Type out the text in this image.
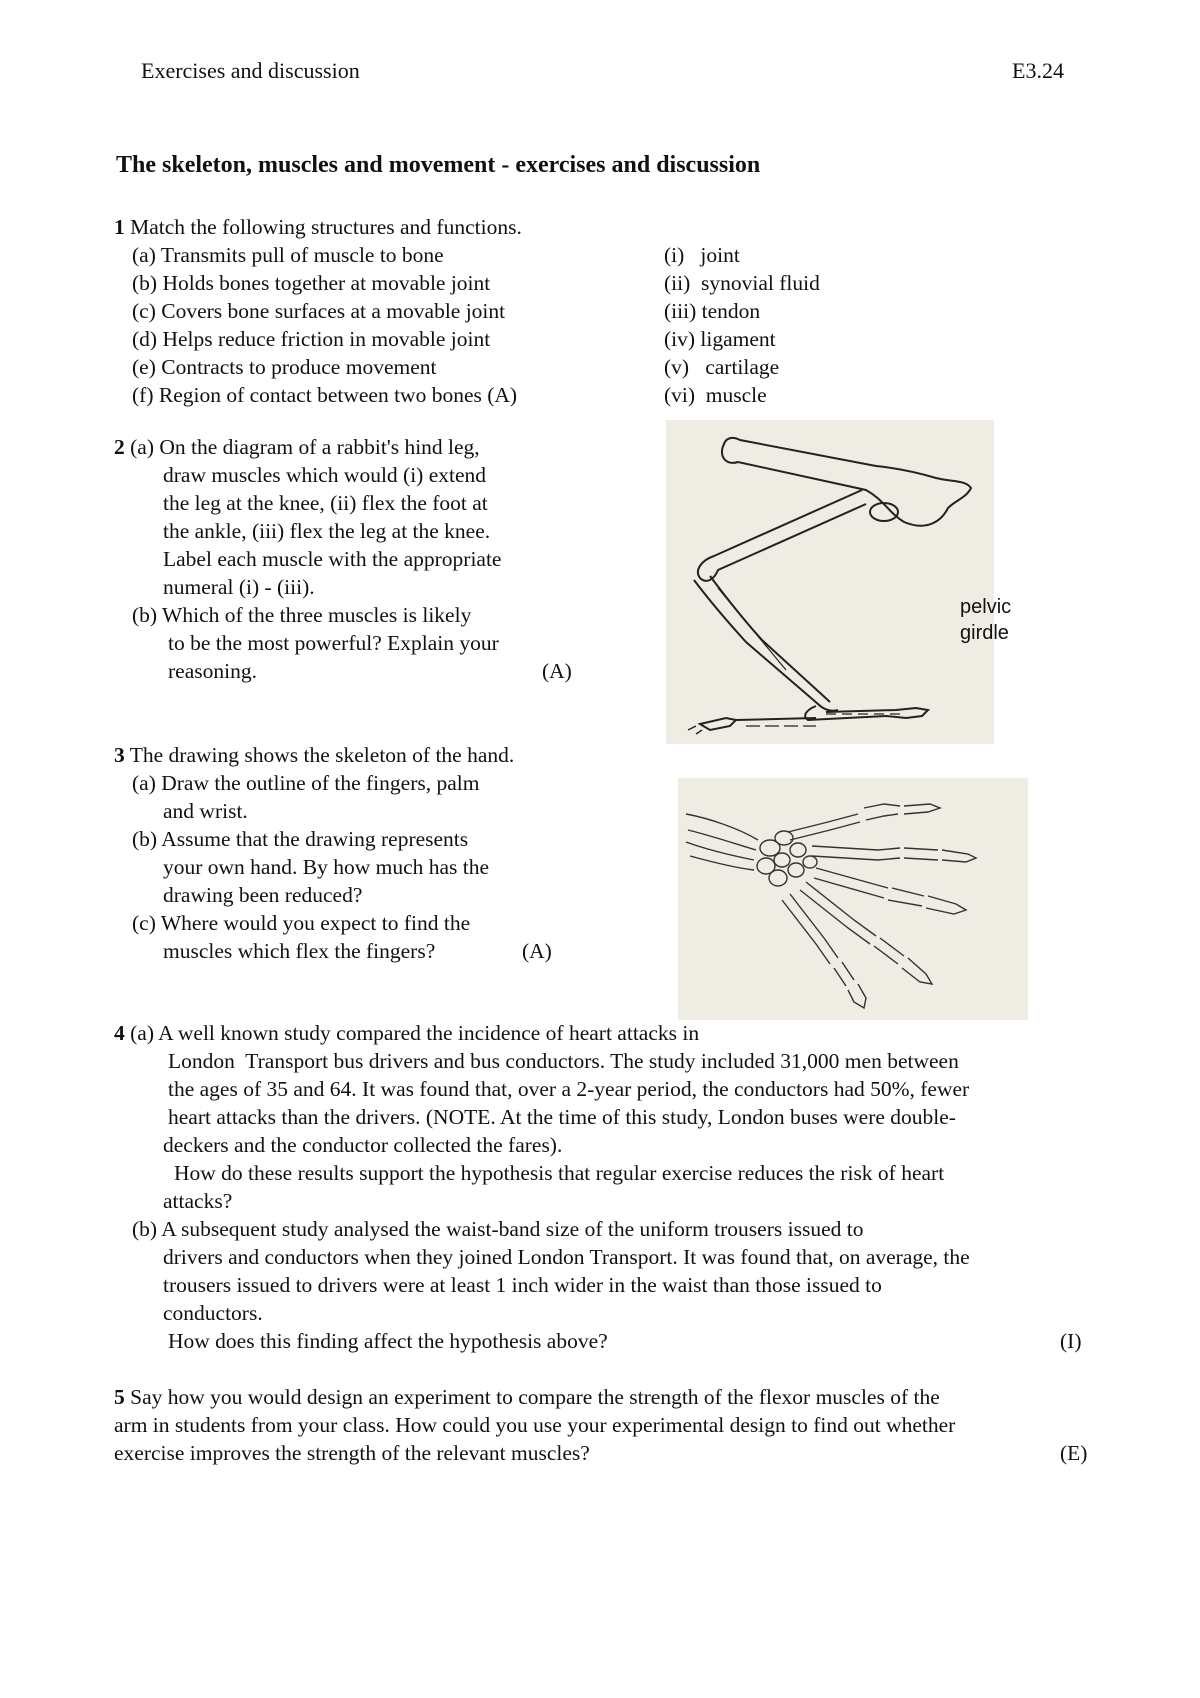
Exercises and discussion	E3.24
The skeleton, muscles and movement - exercises and discussion
1 Match the following structures and functions.
(a) Transmits pull of muscle to bone
(b) Holds bones together at movable joint
(c) Covers bone surfaces at a movable joint
(d) Helps reduce friction in movable joint
(e) Contracts to produce movement
(f) Region of contact between two bones (A)
(i)   joint
(ii)  synovial fluid
(iii) tendon
(iv) ligament
(v)   cartilage
(vi)  muscle
2 (a) On the diagram of a rabbit's hind leg,
draw muscles which would (i) extend
the leg at the knee, (ii) flex the foot at
the ankle, (iii) flex the leg at the knee.
Label each muscle with the appropriate
numeral (i) - (iii).
(b) Which of the three muscles is likely
to be the most powerful? Explain your
reasoning.	(A)
pelvic
girdle
3 The drawing shows the skeleton of the hand.
(a) Draw the outline of the fingers, palm
and wrist.
(b) Assume that the drawing represents
your own hand. By how much has the
drawing been reduced?
(c) Where would you expect to find the
muscles which flex the fingers?	(A)
4 (a) A well known study compared the incidence of heart attacks in
London  Transport bus drivers and bus conductors. The study included 31,000 men between
the ages of 35 and 64. It was found that, over a 2-year period, the conductors had 50%, fewer
heart attacks than the drivers. (NOTE. At the time of this study, London buses were double-
deckers and the conductor collected the fares).
How do these results support the hypothesis that regular exercise reduces the risk of heart
attacks?
(b) A subsequent study analysed the waist-band size of the uniform trousers issued to
drivers and conductors when they joined London Transport. It was found that, on average, the
trousers issued to drivers were at least 1 inch wider in the waist than those issued to
conductors.
How does this finding affect the hypothesis above?	(I)
5 Say how you would design an experiment to compare the strength of the flexor muscles of the
arm in students from your class. How could you use your experimental design to find out whether
exercise improves the strength of the relevant muscles?	(E)
